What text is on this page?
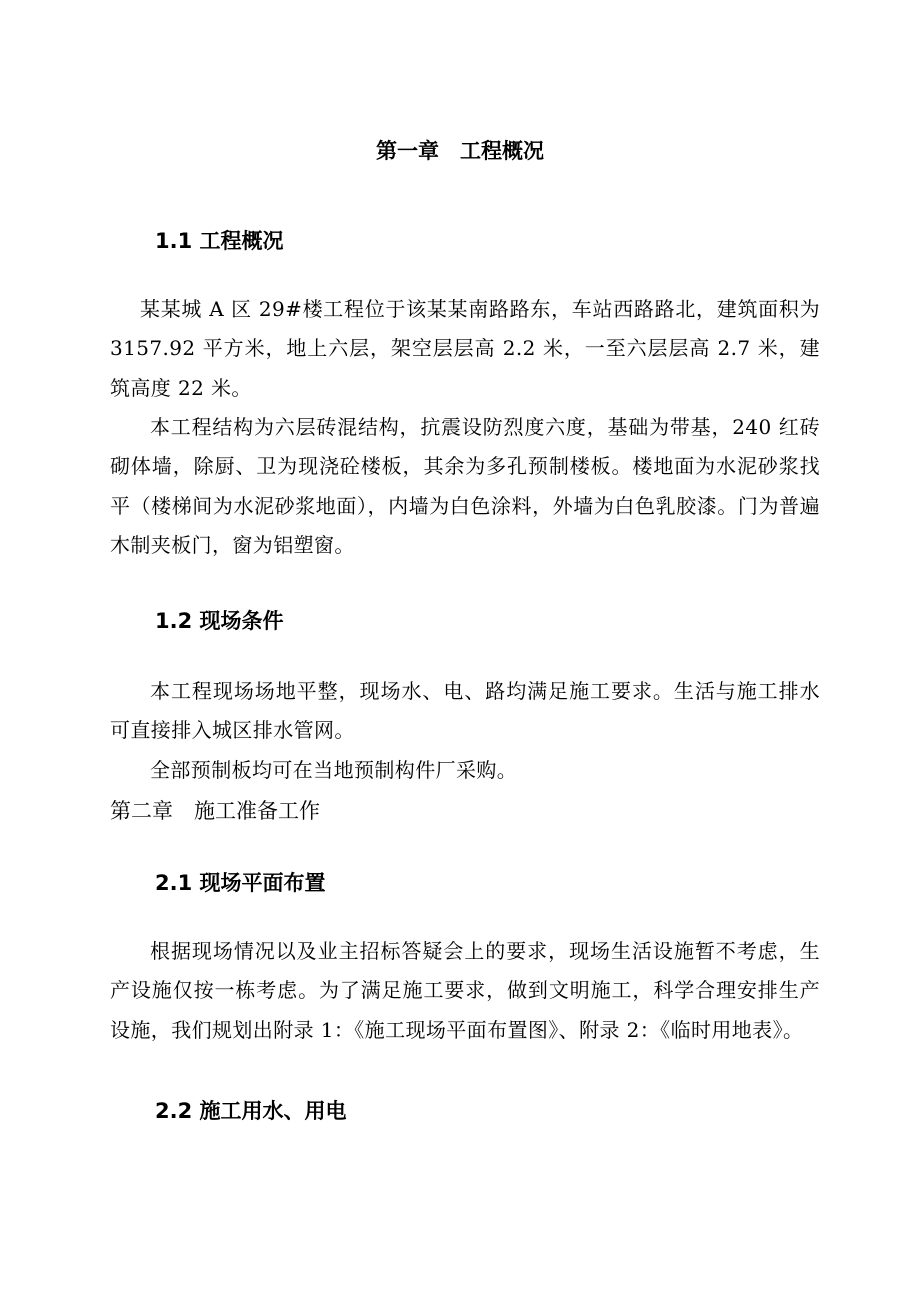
第一章　工程概况
1.1 工程概况

某某城 A 区 29#楼工程位于该某某南路路东，车站西路路北，建筑面积为 3157.92 平方米，地上六层，架空层层高 2.2 米，一至六层层高 2.7 米，建筑高度 22 米。

本工程结构为六层砖混结构，抗震设防烈度六度，基础为带基，240 红砖砌体墙，除厨、卫为现浇砼楼板，其余为多孔预制楼板。楼地面为水泥砂浆找平（楼梯间为水泥砂浆地面），内墙为白色涂料，外墙为白色乳胶漆。门为普遍木制夹板门，窗为铝塑窗。

1.2 现场条件

本工程现场场地平整，现场水、电、路均满足施工要求。生活与施工排水可直接排入城区排水管网。

全部预制板均可在当地预制构件厂采购。

第二章　施工准备工作
2.1 现场平面布置

根据现场情况以及业主招标答疑会上的要求，现场生活设施暂不考虑，生产设施仅按一栋考虑。为了满足施工要求，做到文明施工，科学合理安排生产设施，我们规划出附录 1：《施工现场平面布置图》、附录 2：《临时用地表》。

2.2 施工用水、用电
